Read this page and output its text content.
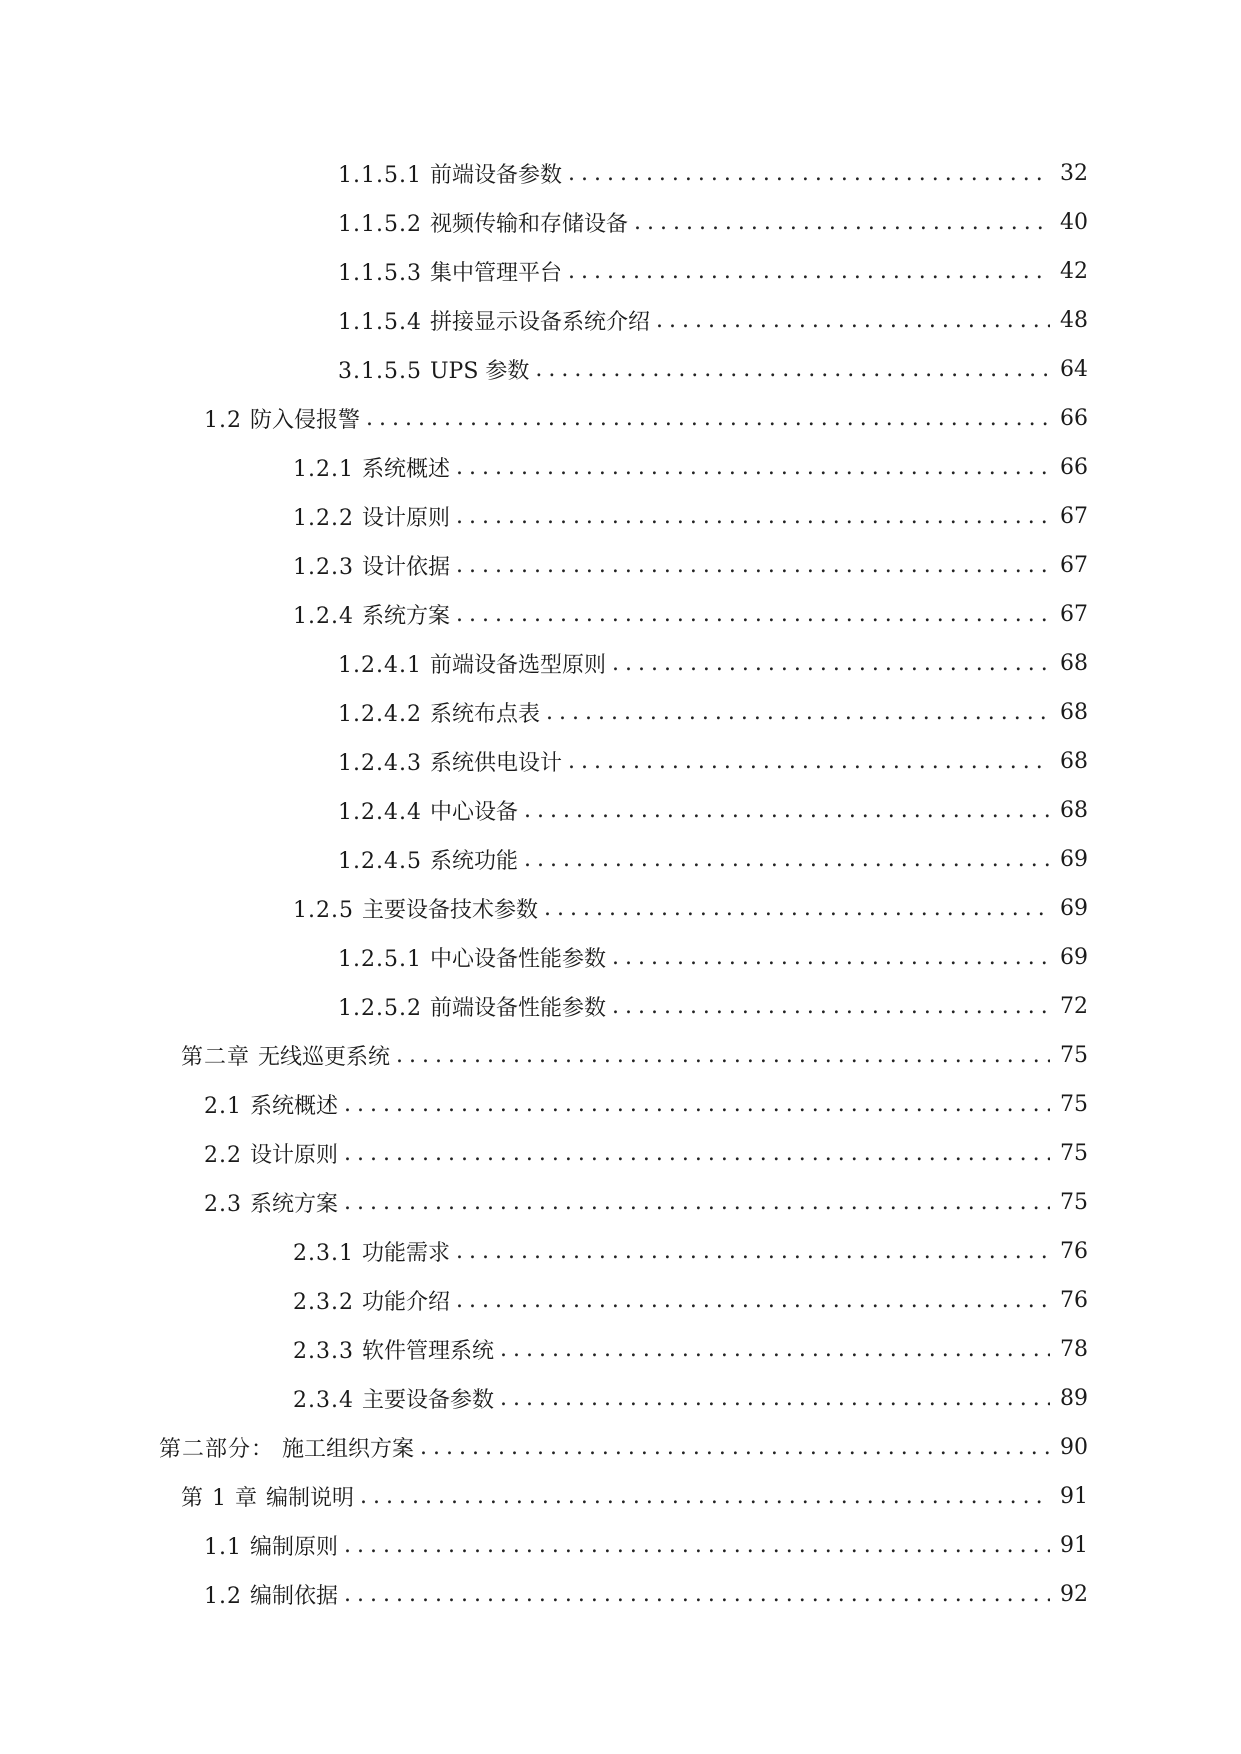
1.1.5.1 前端设备参数 .....	32
1.1.5.2 视频传输和存储设备 .....	40
1.1.5.3 集中管理平台 .....	42
1.1.5.4 拼接显示设备系统介绍 .....	48
3.1.5.5 UPS 参数 .....	64
1.2 防入侵报警 .....	66
1.2.1 系统概述 .....	66
1.2.2 设计原则 .....	67
1.2.3 设计依据 .....	67
1.2.4 系统方案 .....	67
1.2.4.1 前端设备选型原则 .....	68
1.2.4.2 系统布点表 .....	68
1.2.4.3 系统供电设计 .....	68
1.2.4.4 中心设备 .....	68
1.2.4.5 系统功能 .....	69
1.2.5 主要设备技术参数 .....	69
1.2.5.1 中心设备性能参数 .....	69
1.2.5.2 前端设备性能参数 .....	72
第二章 无线巡更系统 .....	75
2.1 系统概述 .....	75
2.2 设计原则 .....	75
2.3 系统方案 .....	75
2.3.1 功能需求 .....	76
2.3.2 功能介绍 .....	76
2.3.3 软件管理系统 .....	78
2.3.4 主要设备参数 .....	89
第二部分： 施工组织方案 .....	90
第 1 章 编制说明 .....	91
1.1 编制原则 .....	91
1.2 编制依据 .....	92
